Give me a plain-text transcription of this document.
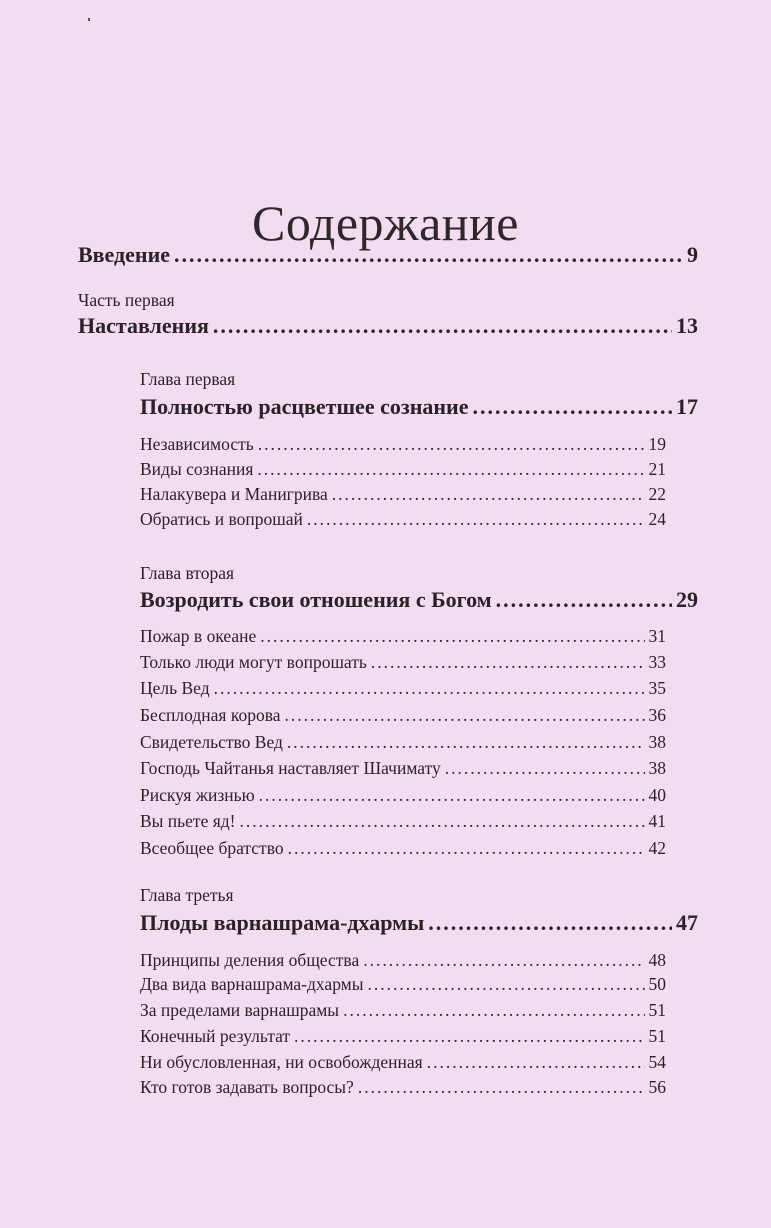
Содержание
Введение .....	9
Часть первая
Наставления .....	13
Глава первая
Полностью расцветшее сознание .....	17
Независимость .....	19
Виды сознания .....	21
Налакувера и Манигрива .....	22
Обратись и вопрошай .....	24
Глава вторая
Возродить свои отношения с Богом .....	29
Пожар в океане .....	31
Только люди могут вопрошать .....	33
Цель Вед .....	35
Бесплодная корова .....	36
Свидетельство Вед .....	38
Господь Чайтанья наставляет Шачимату .....	38
Рискуя жизнью .....	40
Вы пьете яд! .....	41
Всеобщее братство .....	42
Глава третья
Плоды варнашрама-дхармы .....	47
Принципы деления общества .....	48
Два вида варнашрама-дхармы .....	50
За пределами варнашрамы .....	51
Конечный результат .....	51
Ни обусловленная, ни освобожденная .....	54
Кто готов задавать вопросы? .....	56
